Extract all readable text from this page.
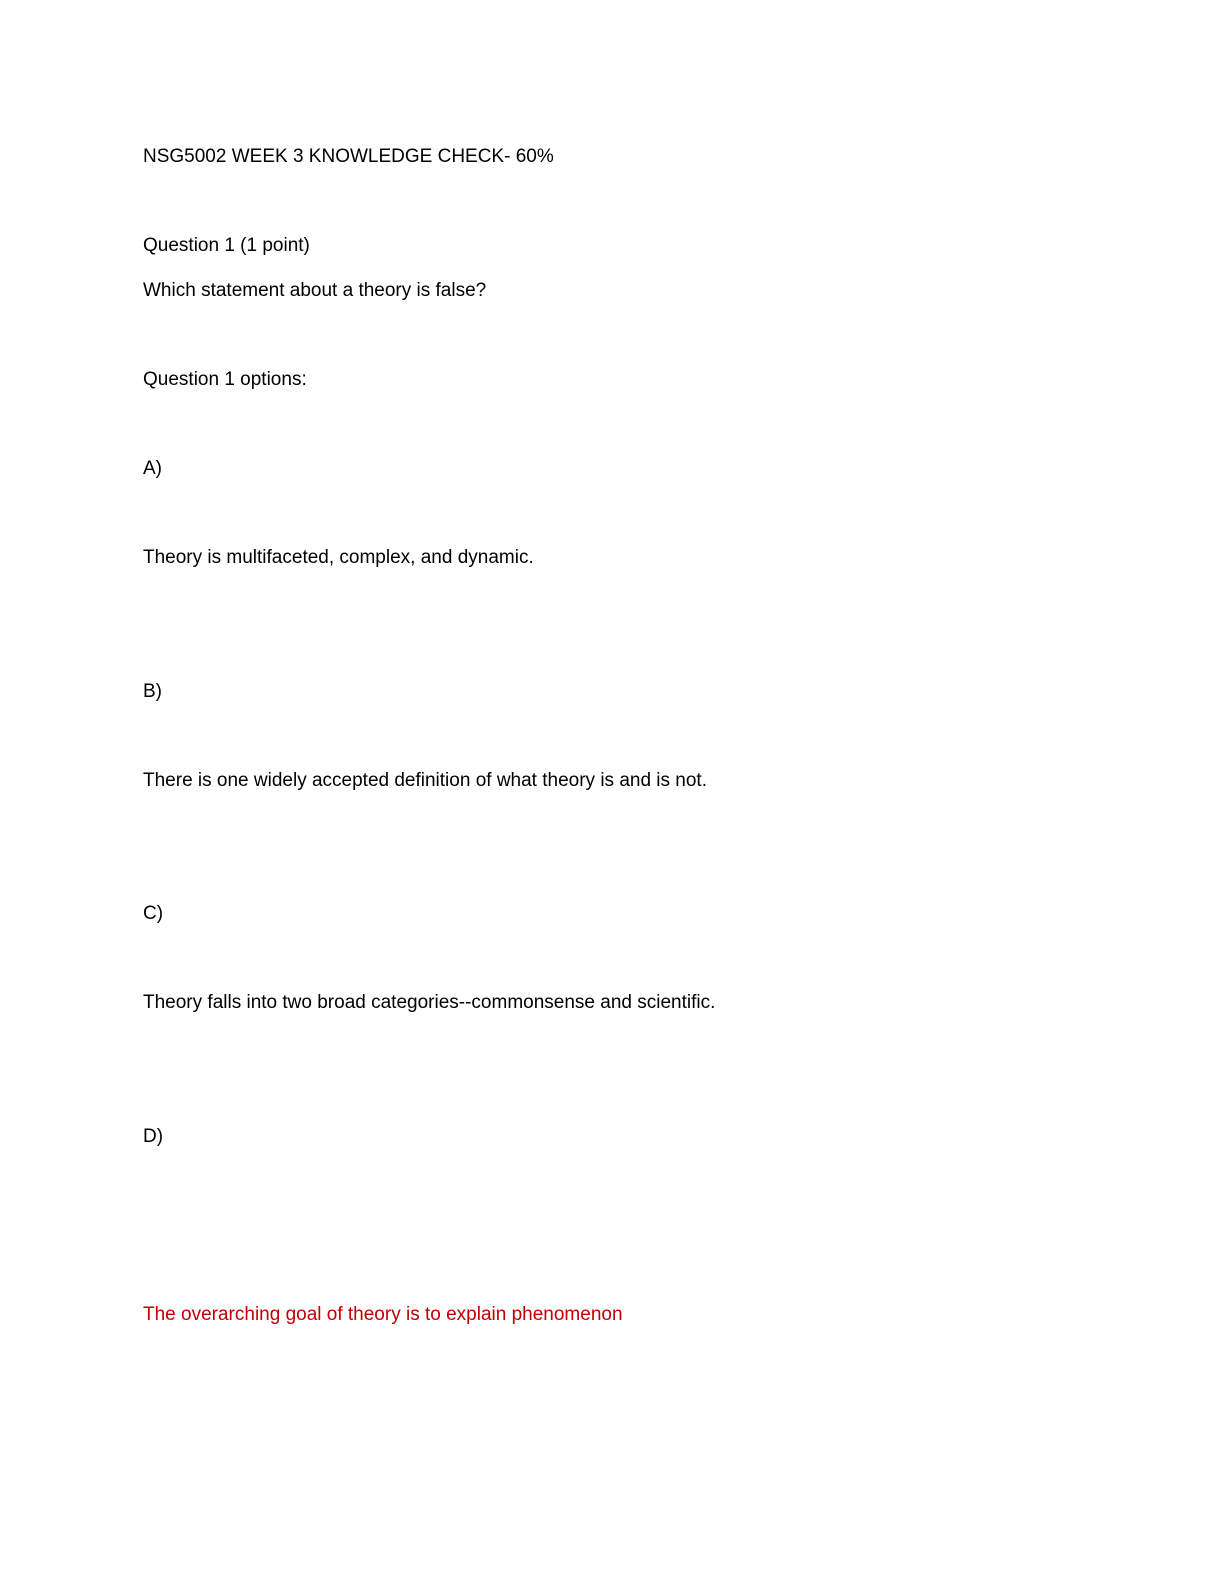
NSG5002 WEEK 3 KNOWLEDGE CHECK- 60%

Question 1 (1 point)

Which statement about a theory is false?

Question 1 options:

A)

Theory is multifaceted, complex, and dynamic.

B)

There is one widely accepted definition of what theory is and is not.

C)

Theory falls into two broad categories--commonsense and scientific.

D)

The overarching goal of theory is to explain phenomenon
